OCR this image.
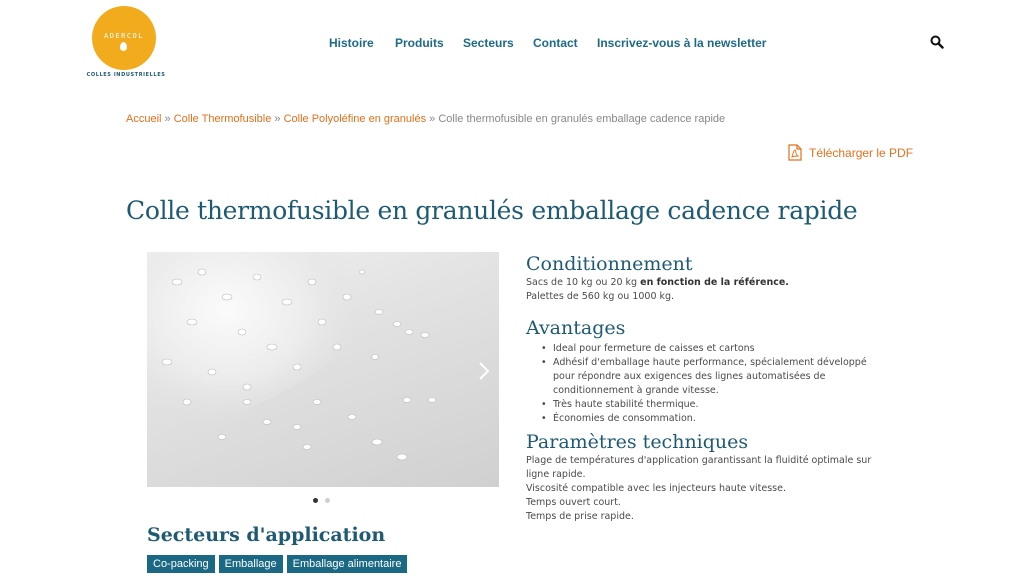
ADERCOL
COLLES INDUSTRIELLES
Histoire Produits Secteurs Contact Inscrivez-vous à la newsletter
Accueil » Colle Thermofusible » Colle Polyoléfine en granulés » Colle thermofusible en granulés emballage cadence rapide
Télécharger le PDF
Colle thermofusible en granulés emballage cadence rapide
Conditionnement

Sacs de 10 kg ou 20 kg en fonction de la référence.
Palettes de 560 kg ou 1000 kg.

Avantages
• Ideal pour fermeture de caisses et cartons
• Adhésif d'emballage haute performance, spécialement développé pour répondre aux exigences des lignes automatisées de conditionnement à grande vitesse.
• Très haute stabilité thermique.
• Économies de consommation.
Paramètres techniques

Plage de températures d'application garantissant la fluidité optimale sur ligne rapide.
Viscosité compatible avec les injecteurs haute vitesse.
Temps ouvert court.
Temps de prise rapide.

Secteurs d'application
Co-packing	Emballage	Emballage alimentaire
